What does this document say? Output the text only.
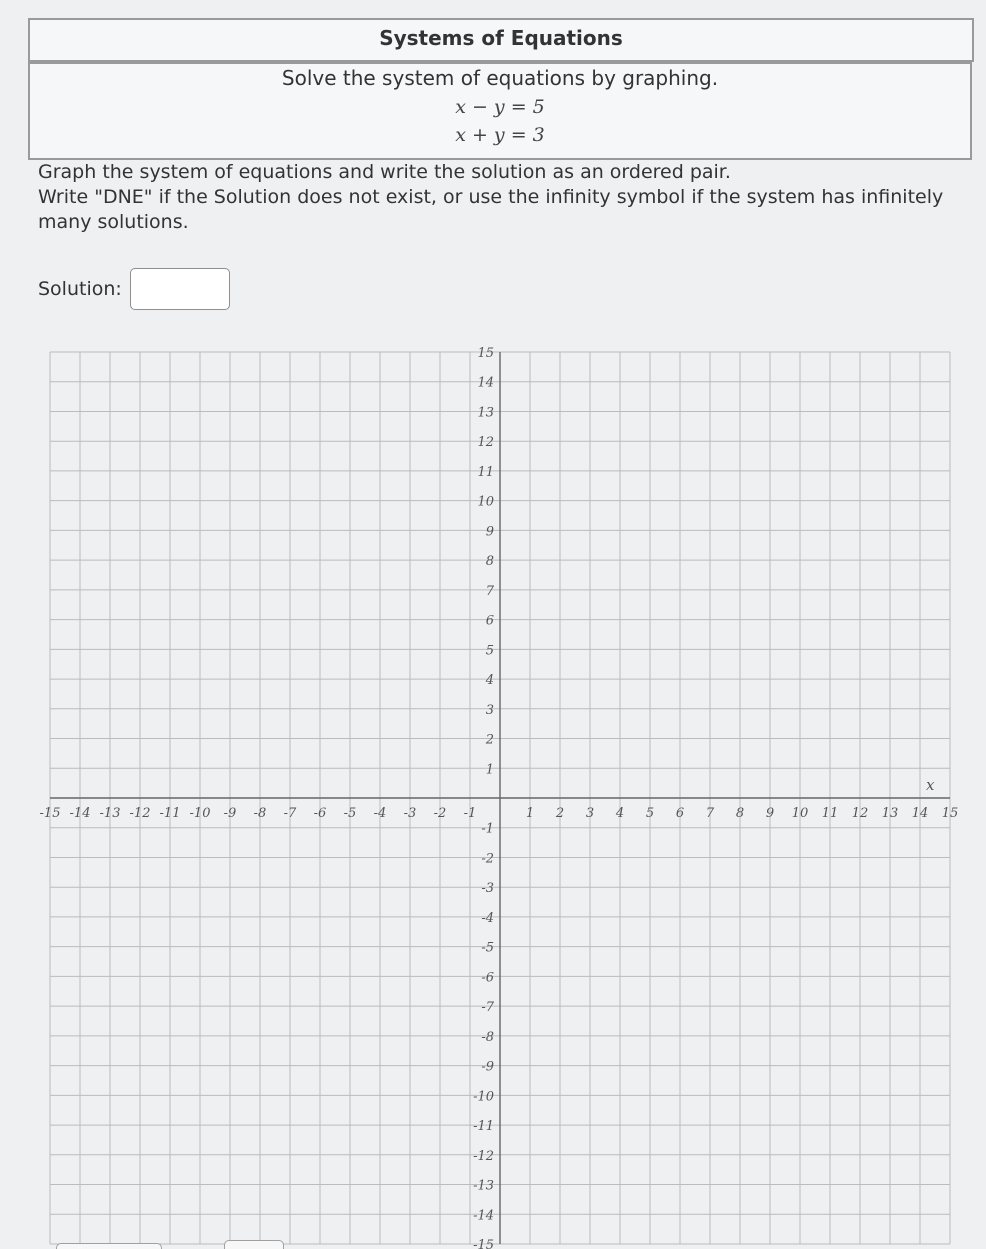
Systems of Equations
Solve the system of equations by graphing.
x − y = 5
x + y = 3
Graph the system of equations and write the solution as an ordered pair.
Write "DNE" if the Solution does not exist, or use the infinity symbol if the system has infinitely many solutions.
Solution:
-15 -14 -13 -12 -11 -10 -9 -8 -7 -6 -5 -4 -3 -2 -1	1 2 3 4 5 6 7 8 9 10 11 12 13 14 15
15
14
13
12
11
10
9
8
7
6
5
4
3
2
1
-1
-2
-3
-4
-5
-6
-7
-8
-9
-10
-11
-12
-13
-14
-15
x
